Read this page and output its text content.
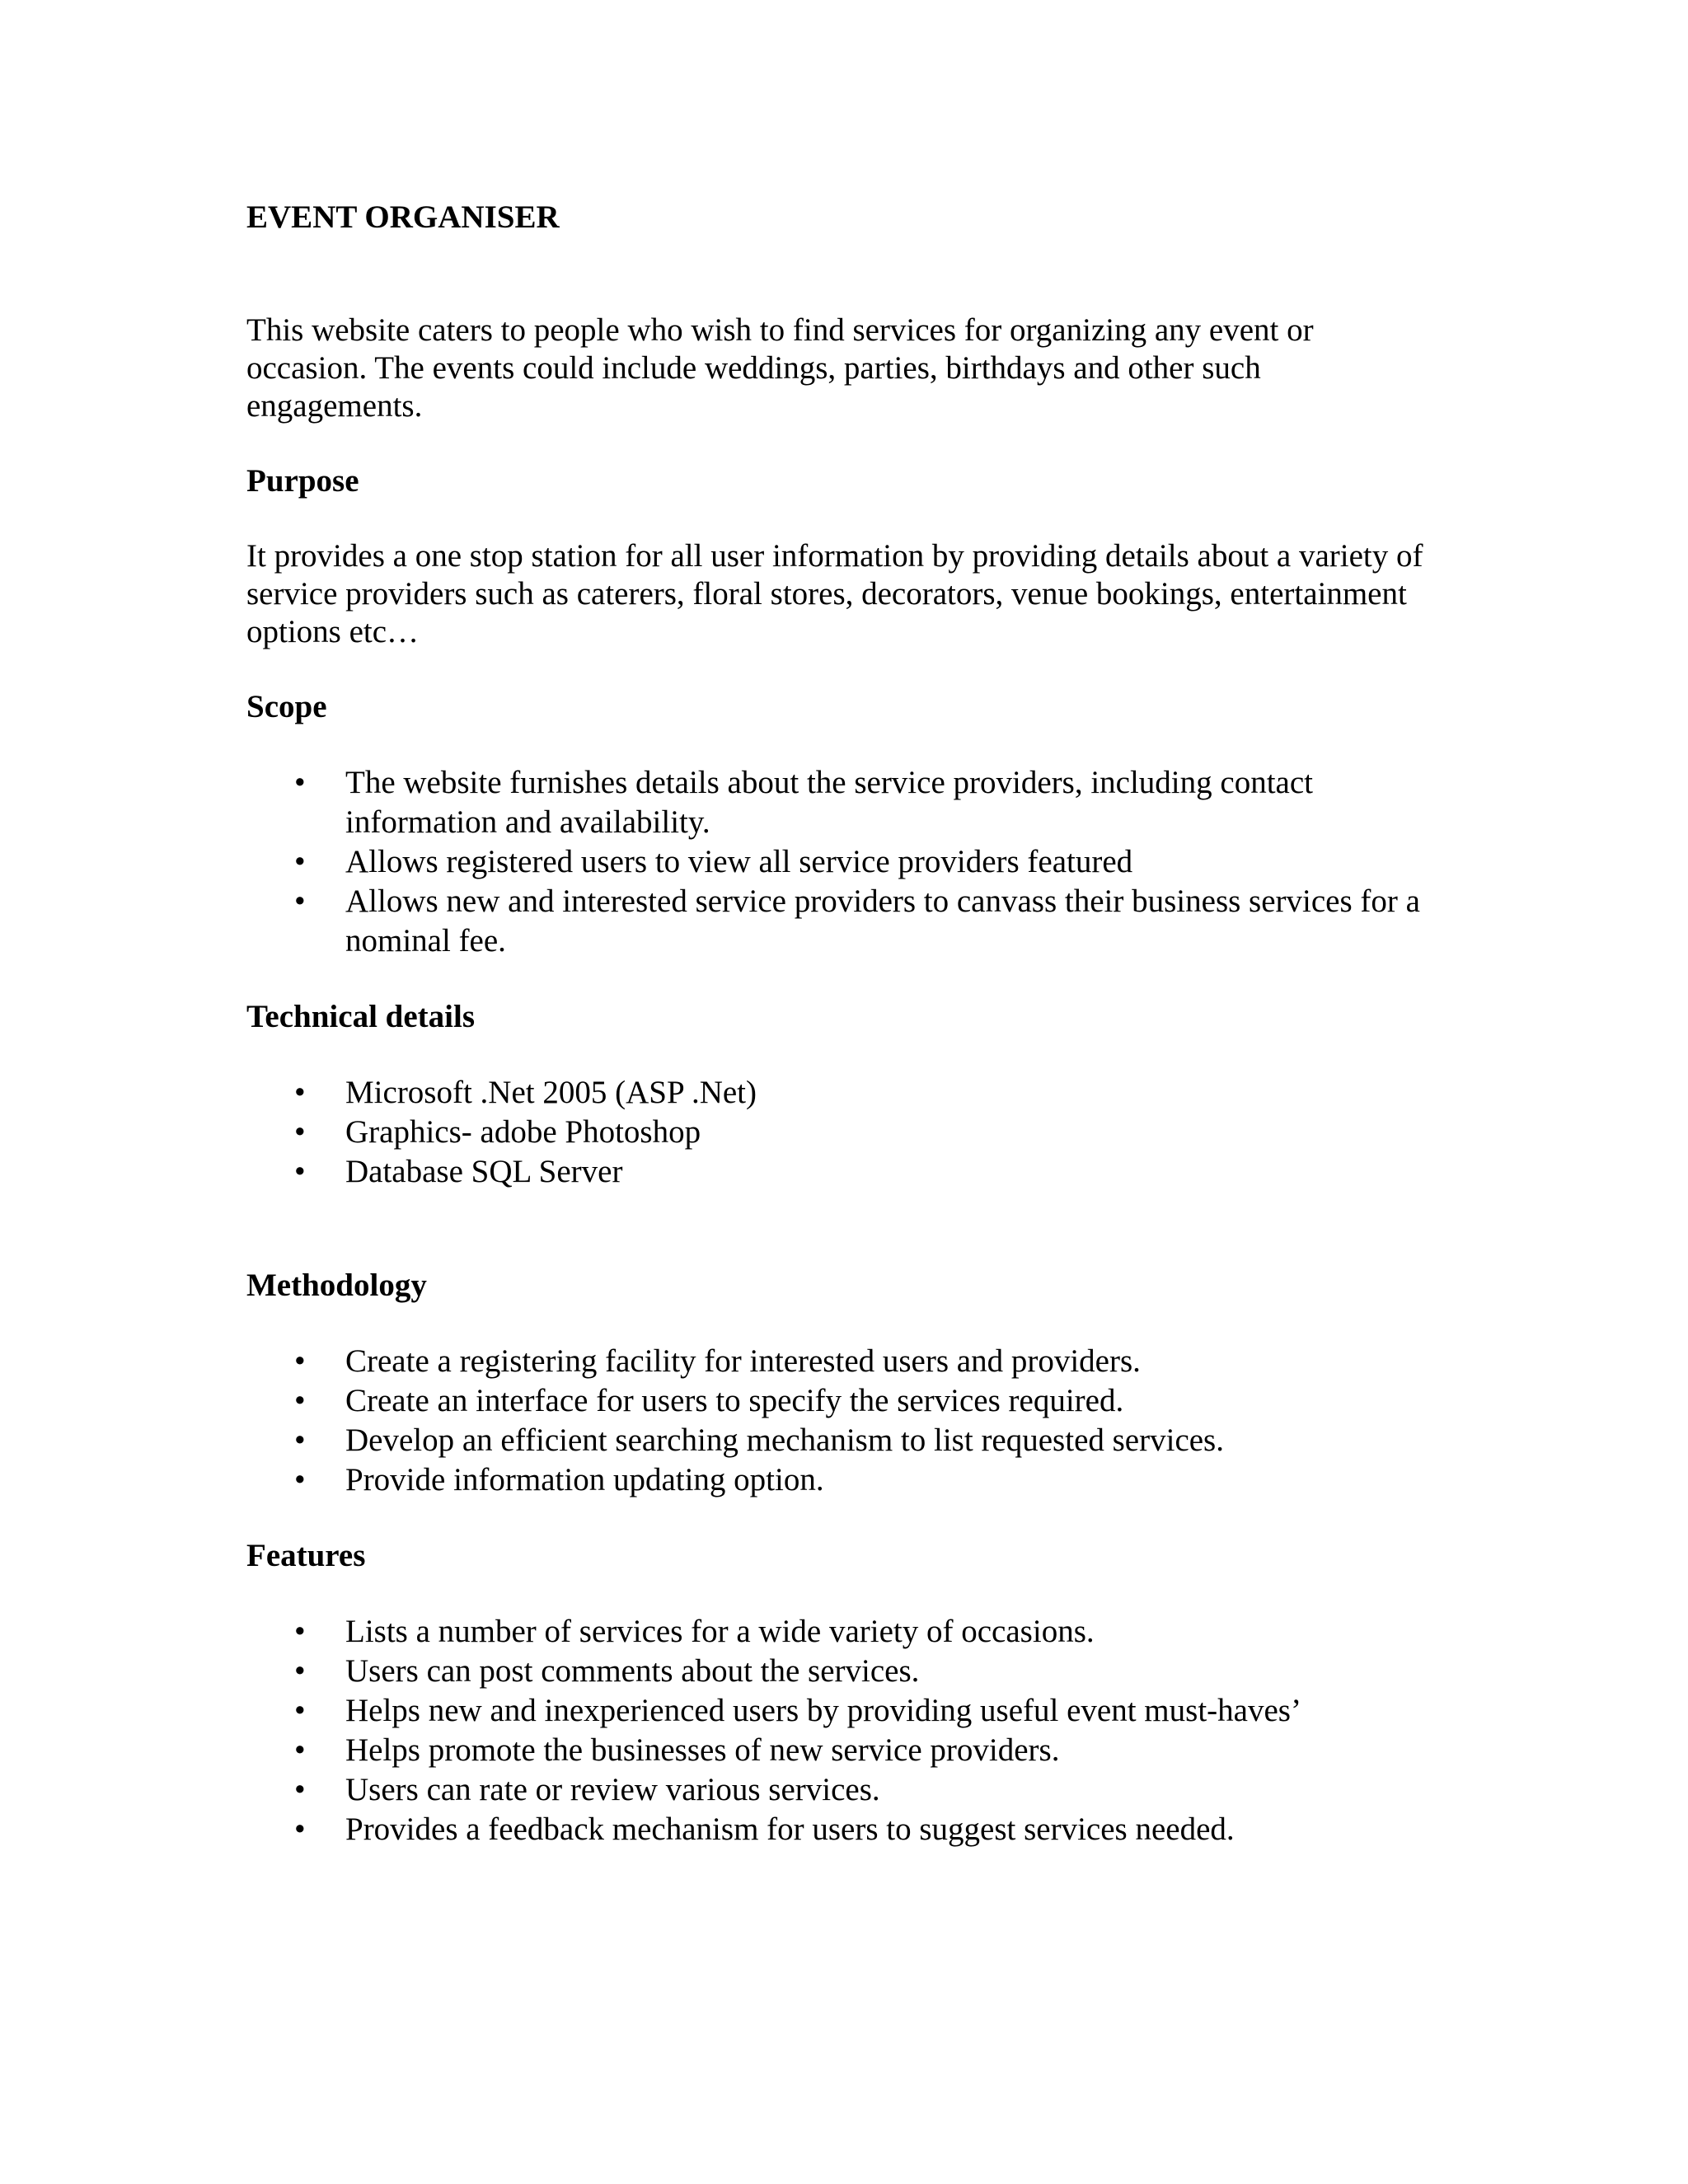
EVENT ORGANISER

This website caters to people who wish to find services for organizing any event or occasion. The events could include weddings, parties, birthdays and other such engagements.

Purpose

It provides a one stop station for all user information by providing details about a variety of service providers such as caterers, floral stores, decorators, venue bookings, entertainment options etc…

Scope
• The website furnishes details about the service providers, including contact information and availability.
• Allows registered users to view all service providers featured
• Allows new and interested service providers to canvass their business services for a nominal fee.
Technical details
• Microsoft .Net 2005 (ASP .Net)
• Graphics- adobe Photoshop
• Database SQL Server
Methodology
• Create a registering facility for interested users and providers.
• Create an interface for users to specify the services required.
• Develop an efficient searching mechanism to list requested services.
• Provide information updating option.
Features
• Lists a number of services for a wide variety of occasions.
• Users can post comments about the services.
• Helps new and inexperienced users by providing useful event must-haves’
• Helps promote the businesses of new service providers.
• Users can rate or review various services.
• Provides a feedback mechanism for users to suggest services needed.
